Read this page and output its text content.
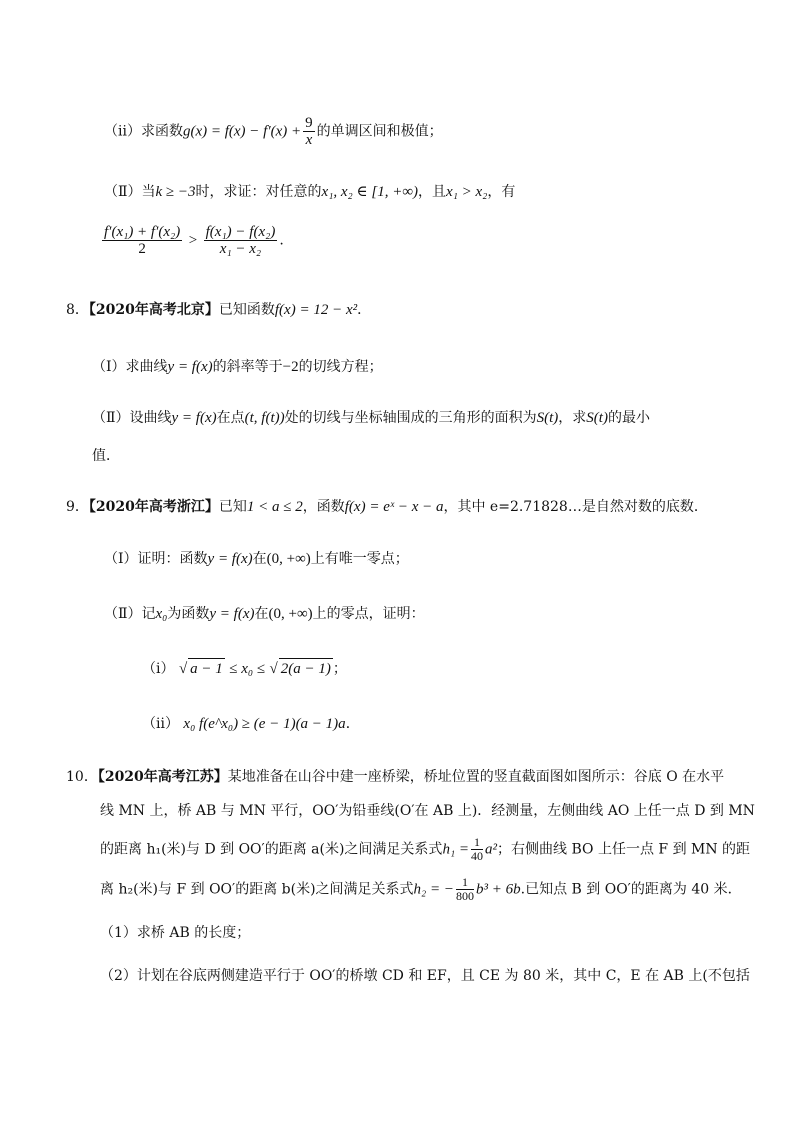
（ⅱ）求函数$g(x) = f(x) - f'(x) + \frac{9}{x}$ 的单调区间和极值；
（Ⅱ）当k ≥ −3时，求证：对任意的x₁, x₂ ∈ [1, +∞)，且x₁ > x₂，有
$\frac{\text{f′(x₁) + f′(x₂)}}{2} > \frac{\text{f(x₁) − f(x₂)}}{\text{x₁ − x₂}}$ .
8．【2020年高考北京】已知函数f(x) = 12 − x²．
（Ⅰ）求曲线y = f(x)的斜率等于−2的切线方程；
（Ⅱ）设曲线y = f(x)在点(t, f(t))处的切线与坐标轴围成的三角形的面积为S(t)，求S(t)的最小
值．
9．【2020年高考浙江】已知1 < a ≤ 2，函数f(x) = eˣ − x − a，其中 e=2.71828…是自然对数的底数．
（Ⅰ）证明：函数y = f(x)在(0, +∞)上有唯一零点；
（Ⅱ）记x₀为函数y = f(x)在(0, +∞)上的零点，证明：
（ⅰ） √ a − 1 ≤ x₀ ≤ √ 2(a − 1) ；
（ⅱ） x₀ f(e^x₀) ≥ (e − 1)(a − 1)a．
10．【2020年高考江苏】某地准备在山谷中建一座桥梁，桥址位置的竖直截面图如图所示：谷底 O 在水平
线 MN 上，桥 AB 与 MN 平行，OO′为铅垂线(O′在 AB 上)．经测量，左侧曲线 AO 上任一点 D 到 MN
的距离 h₁(米)与 D 到 OO′的距离 a(米)之间满足关系式$h_1 = \frac{1}{40} a^2$；右侧曲线 BO 上任一点 F 到 MN 的距
离 h₂(米)与 F 到 OO′的距离 b(米)之间满足关系式h₂ = − $\frac{1}{800} b^3 + 6b$.已知点 B 到 OO′的距离为 40 米．
（1）求桥 AB 的长度；
（2）计划在谷底两侧建造平行于 OO′的桥墩 CD 和 EF，且 CE 为 80 米，其中 C，E 在 AB 上(不包括
